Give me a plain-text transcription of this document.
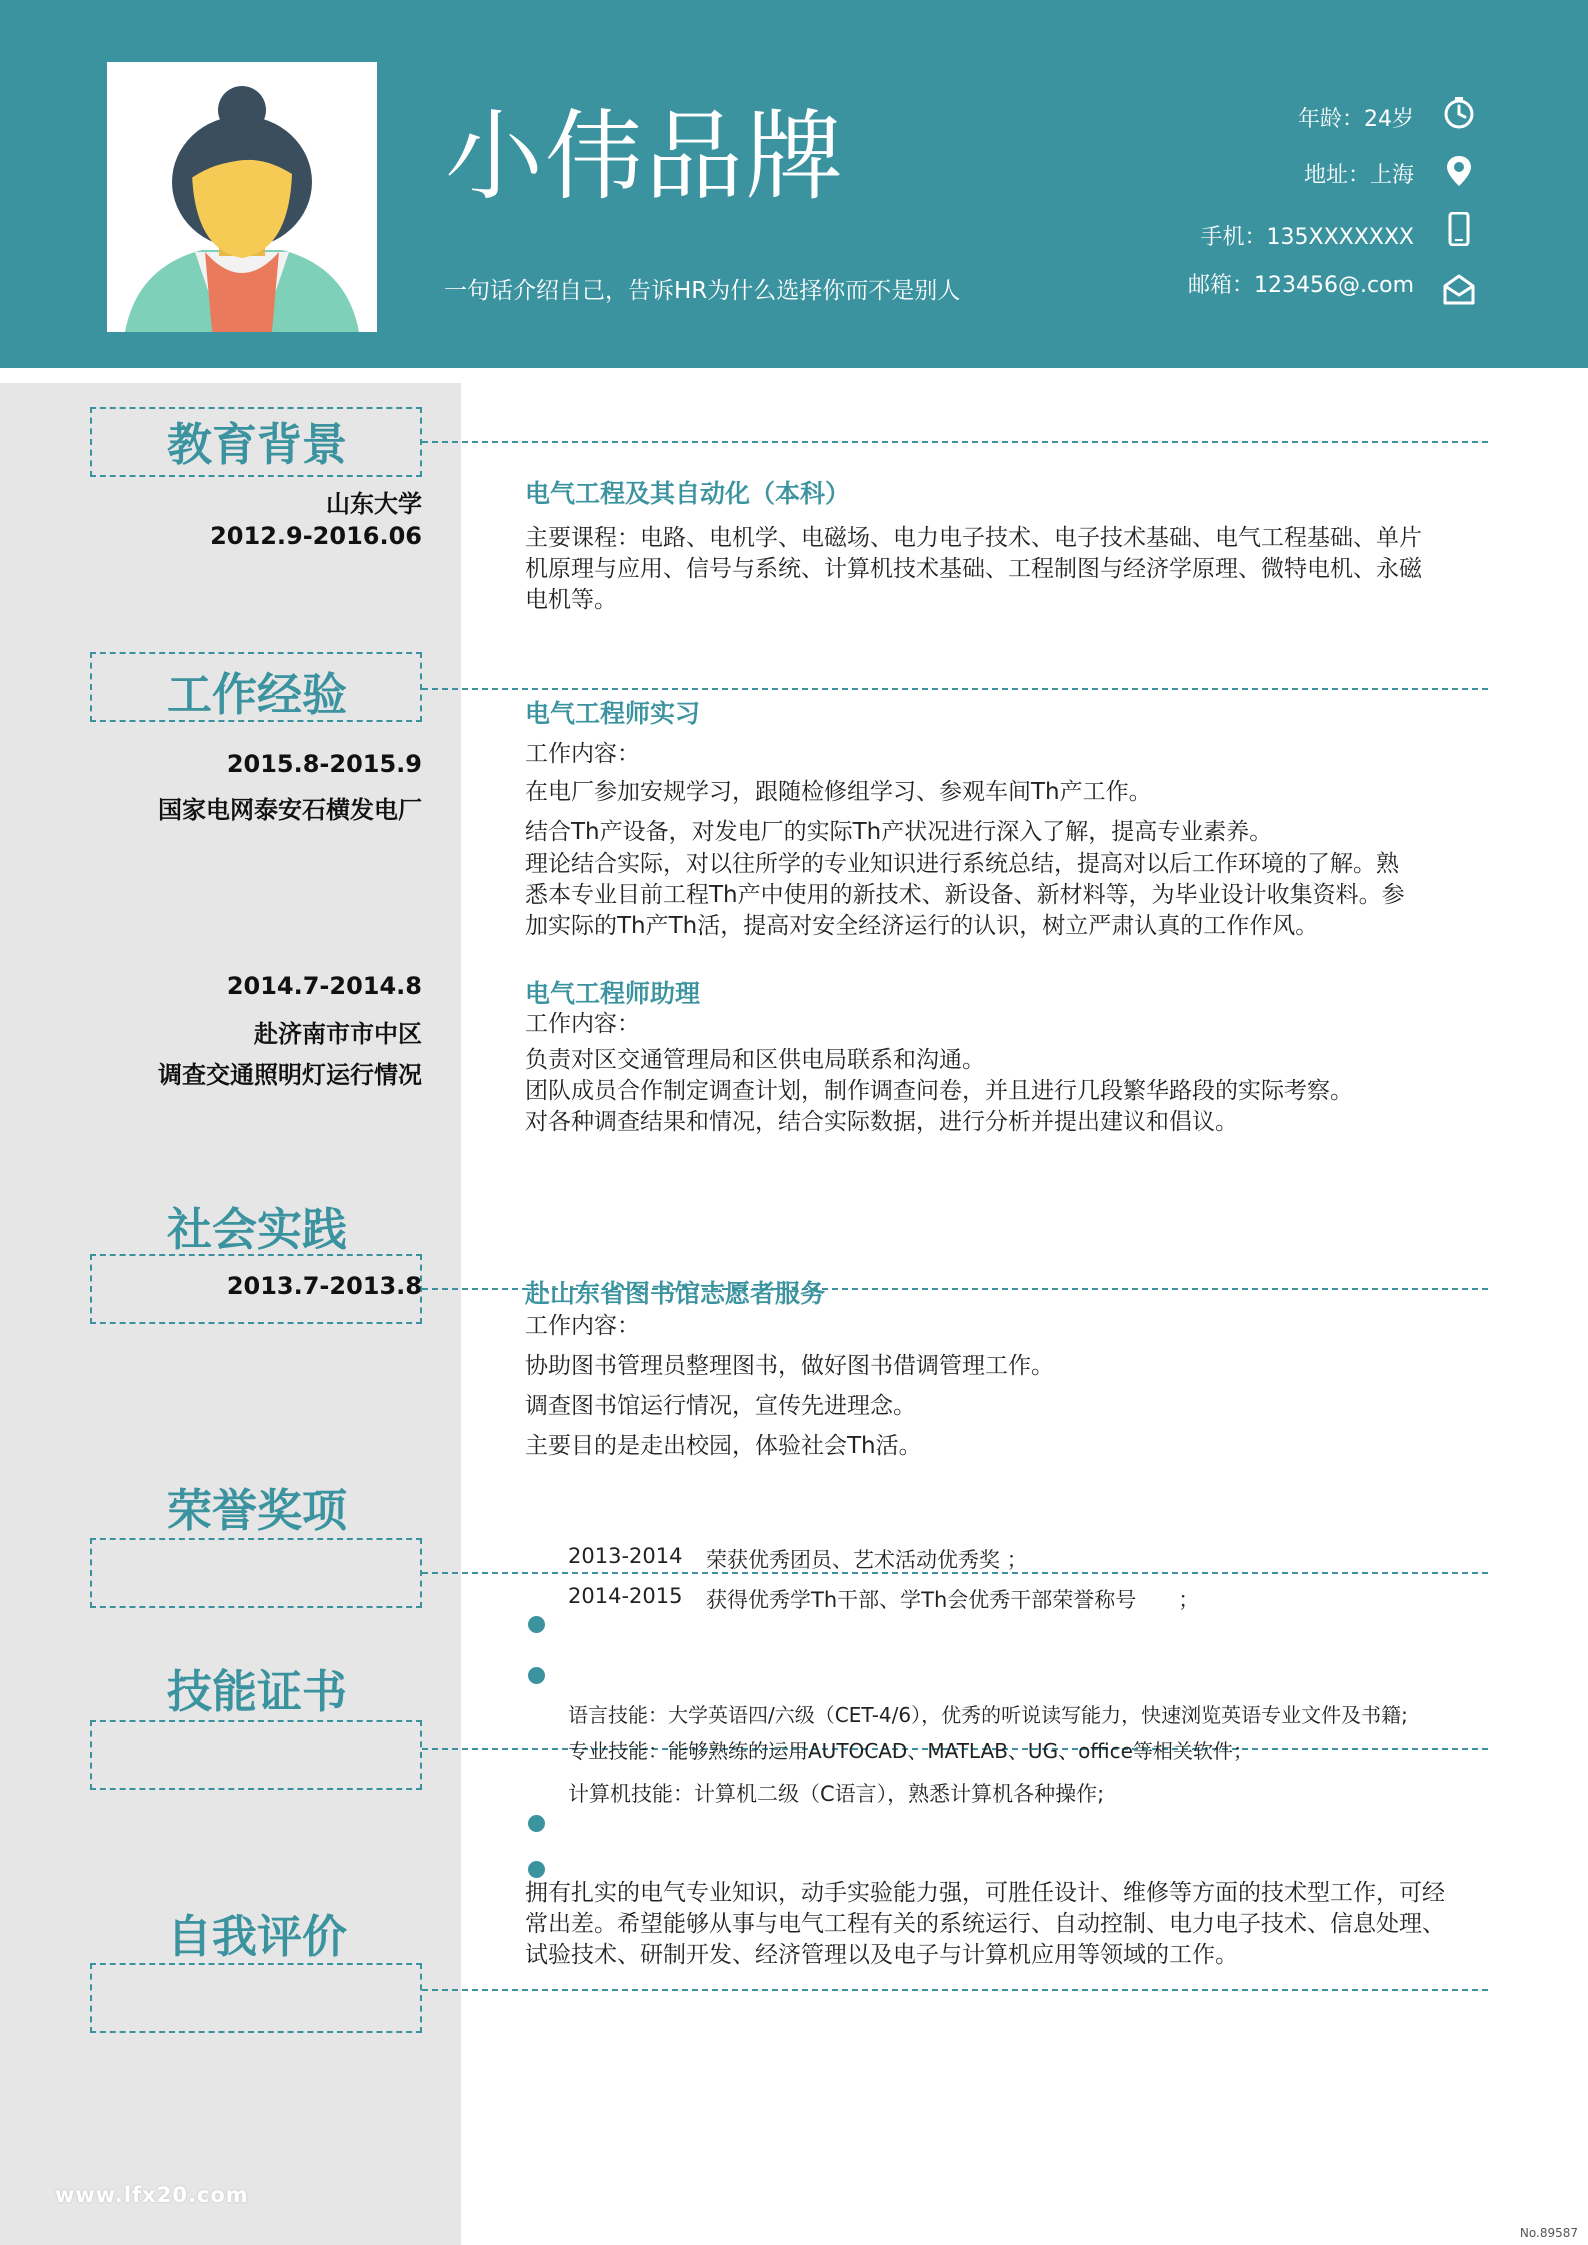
小伟品牌
一句话介绍自己，告诉HR为什么选择你而不是别人
年龄：24岁
地址：上海
手机：135XXXXXXX
邮箱：123456@.com
教育背景
山东大学
2012.9-2016.06
电气工程及其自动化（本科）
主要课程：电路、电机学、电磁场、电力电子技术、电子技术基础、电气工程基础、单片
机原理与应用、信号与系统、计算机技术基础、工程制图与经济学原理、微特电机、永磁
电机等。
工作经验
2015.8-2015.9
国家电网泰安石横发电厂
电气工程师实习
工作内容：
在电厂参加安规学习，跟随检修组学习、参观车间Th产工作。
结合Th产设备，对发电厂的实际Th产状况进行深入了解，提高专业素养。
理论结合实际，对以往所学的专业知识进行系统总结，提高对以后工作环境的了解。熟
悉本专业目前工程Th产中使用的新技术、新设备、新材料等，为毕业设计收集资料。参
加实际的Th产Th活，提高对安全经济运行的认识，树立严肃认真的工作作风。
2014.7-2014.8
赴济南市市中区
调查交通照明灯运行情况
电气工程师助理
工作内容：
负责对区交通管理局和区供电局联系和沟通。
团队成员合作制定调查计划，制作调查问卷，并且进行几段繁华路段的实际考察。
对各种调查结果和情况，结合实际数据，进行分析并提出建议和倡议。
社会实践
2013.7-2013.8	赴山东省图书馆志愿者服务
工作内容：
协助图书管理员整理图书，做好图书借调管理工作。
调查图书馆运行情况，宣传先进理念。
主要目的是走出校园，体验社会Th活。
荣誉奖项
2013-2014 荣获优秀团员、艺术活动优秀奖 ；
2014-2015 获得优秀学Th干部、学Th会优秀干部荣誉称号　　；
技能证书	语言技能：大学英语四/六级（CET-4/6），优秀的听说读写能力，快速浏览英语专业文件及书籍;
专业技能：能够熟练的运用AUTOCAD、MATLAB、UG、office等相关软件；
计算机技能：计算机二级（C语言），熟悉计算机各种操作;
自我评价
拥有扎实的电气专业知识，动手实验能力强，可胜任设计、维修等方面的技术型工作，可经
常出差。希望能够从事与电气工程有关的系统运行、自动控制、电力电子技术、信息处理、
试验技术、研制开发、经济管理以及电子与计算机应用等领域的工作。
www.lfx20.com
No.89587
